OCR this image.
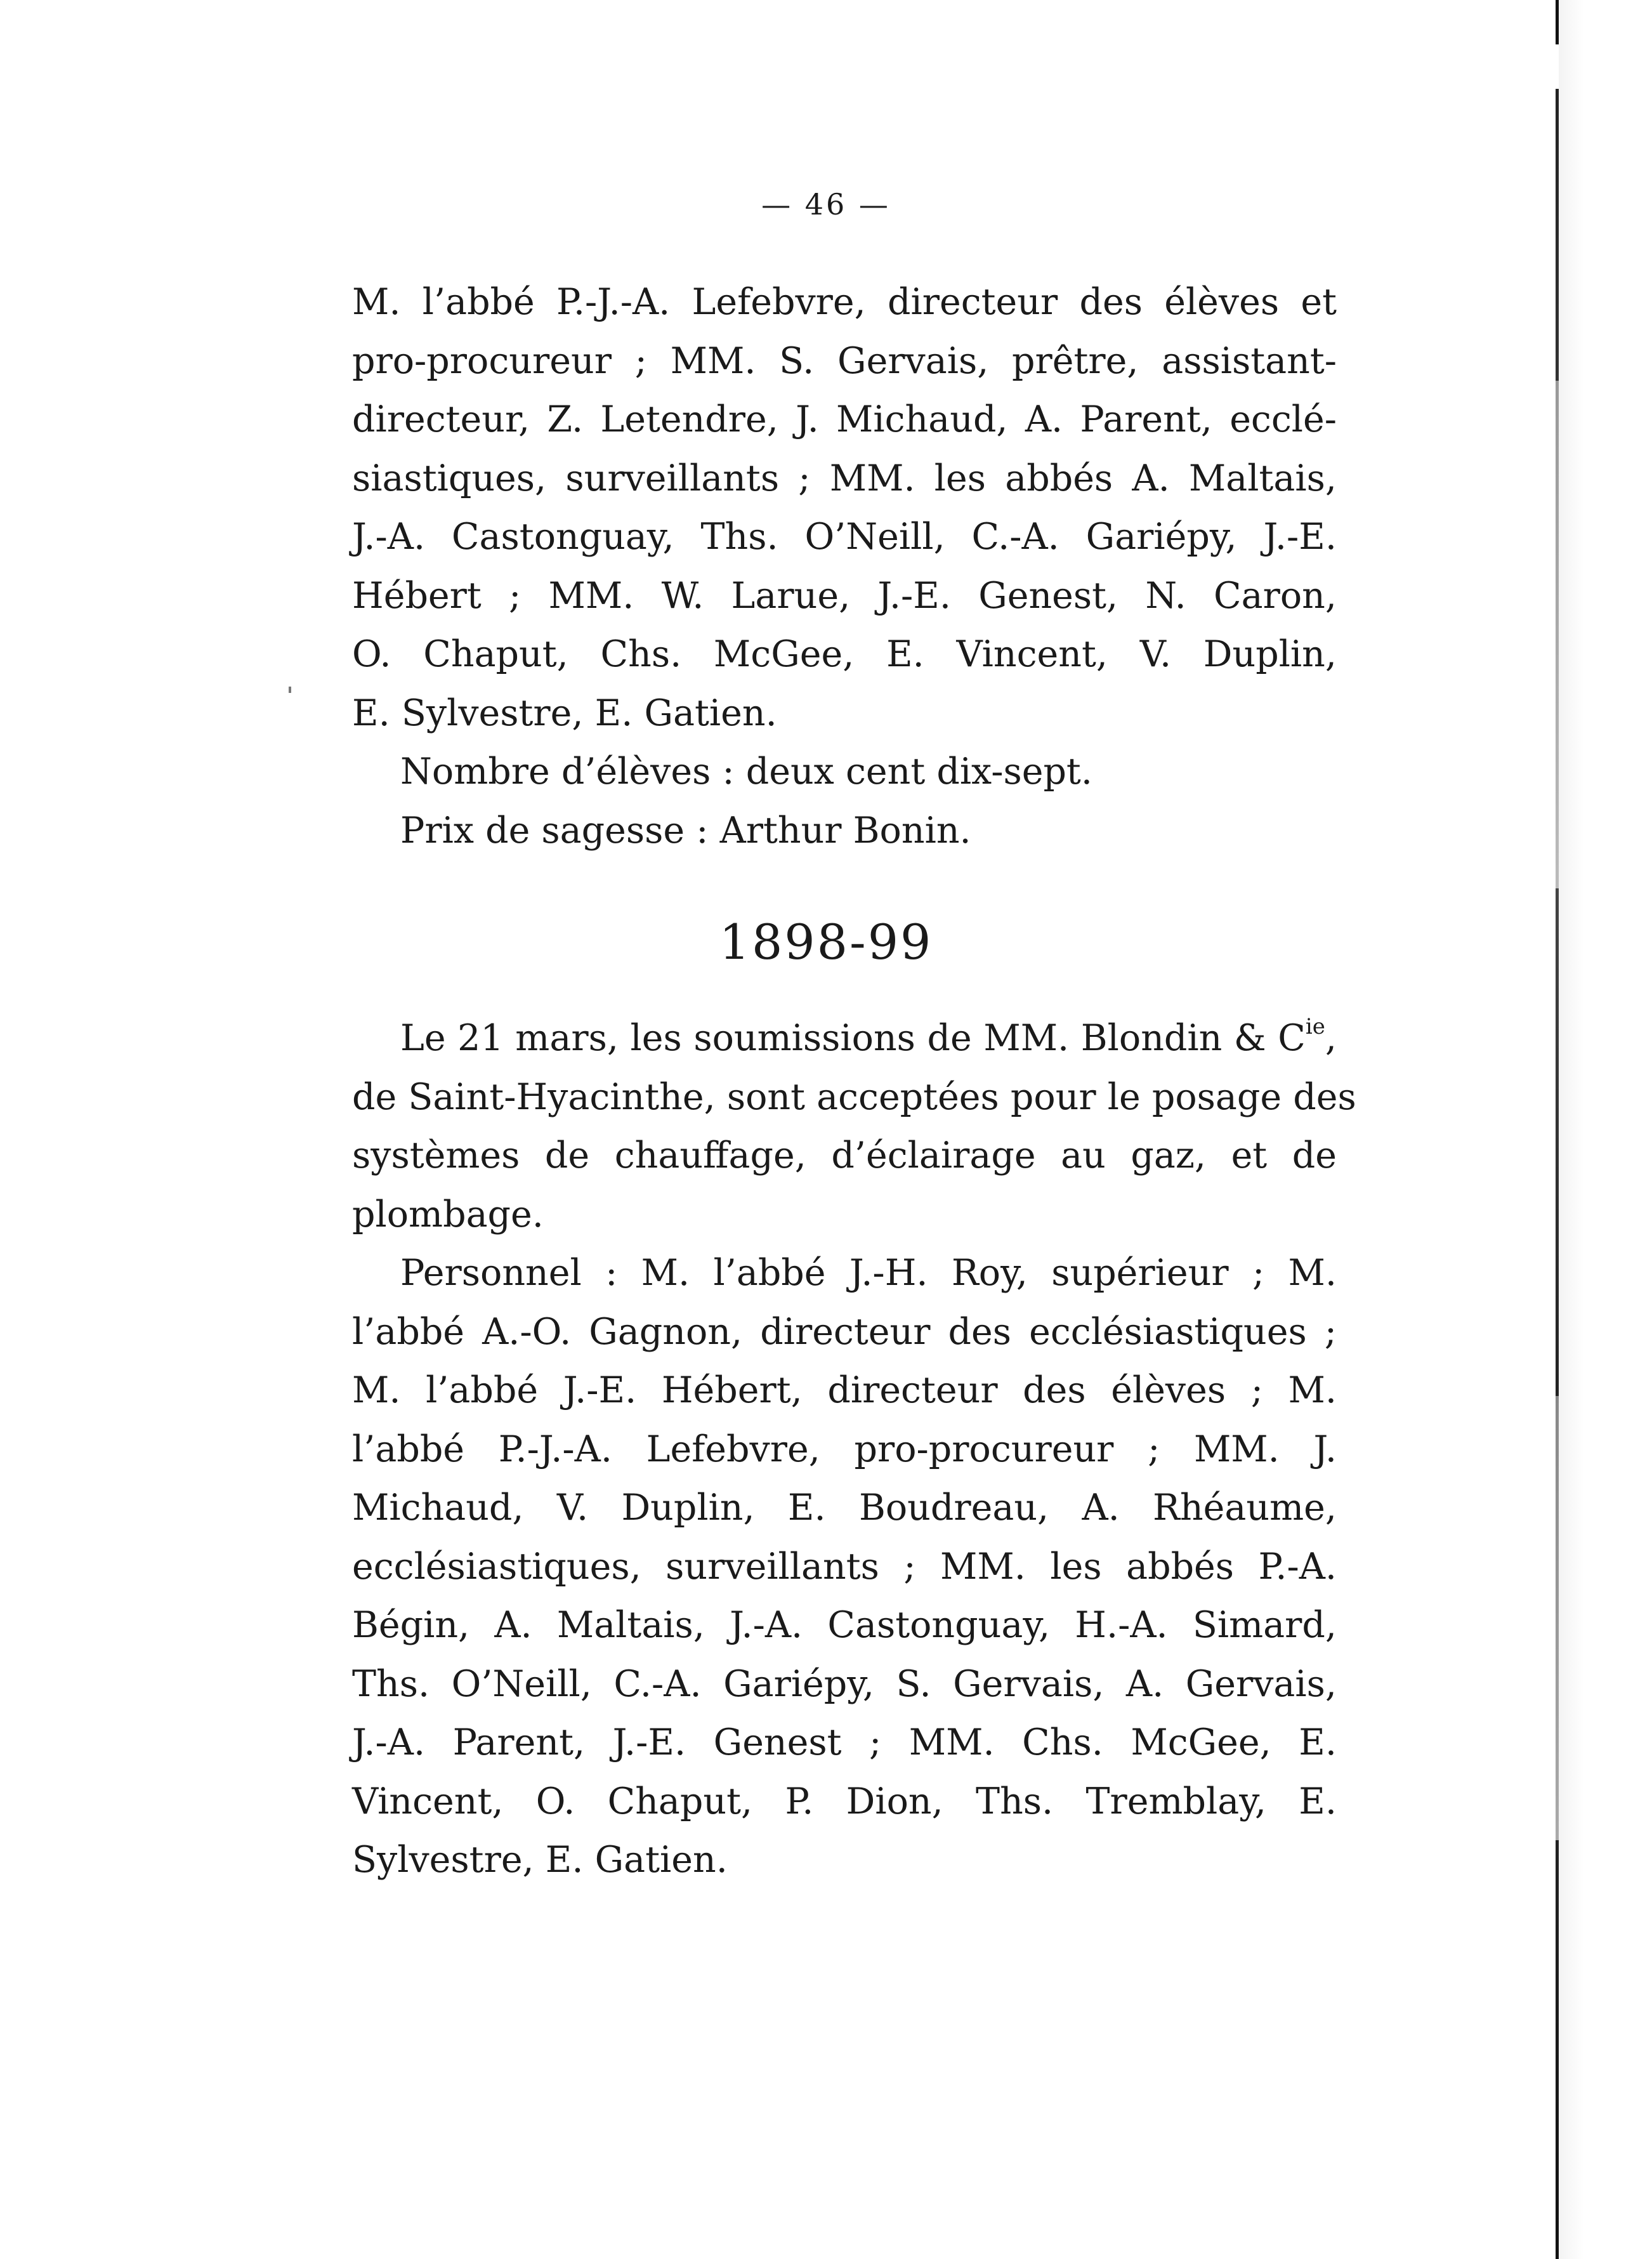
— 46 —
M. l’abbé P.-J.-A. Lefebvre, directeur des élèves et
pro-procureur ; MM. S. Gervais, prêtre, assistant-
directeur, Z. Letendre, J. Michaud, A. Parent, ecclé-
siastiques, surveillants ; MM. les abbés A. Maltais,
J.-A. Castonguay, Ths. O’Neill, C.-A. Gariépy, J.-E.
Hébert ; MM. W. Larue, J.-E. Genest, N. Caron,
O. Chaput, Chs. McGee, E. Vincent, V. Duplin,
E. Sylvestre, E. Gatien.
Nombre d’élèves : deux cent dix-sept.
Prix de sagesse : Arthur Bonin.
1898-99
Le 21 mars, les soumissions de MM. Blondin & $C^{ie}$,
de Saint-Hyacinthe, sont acceptées pour le posage des
systèmes de chauffage, d’éclairage au gaz, et de
plombage.
Personnel : M. l’abbé J.-H. Roy, supérieur ; M.
l’abbé A.-O. Gagnon, directeur des ecclésiastiques ;
M. l’abbé J.-E. Hébert, directeur des élèves ; M.
l’abbé P.-J.-A. Lefebvre, pro-procureur ; MM. J.
Michaud, V. Duplin, E. Boudreau, A. Rhéaume,
ecclésiastiques, surveillants ; MM. les abbés P.-A.
Bégin, A. Maltais, J.-A. Castonguay, H.-A. Simard,
Ths. O’Neill, C.-A. Gariépy, S. Gervais, A. Gervais,
J.-A. Parent, J.-E. Genest ; MM. Chs. McGee, E.
Vincent, O. Chaput, P. Dion, Ths. Tremblay, E.
Sylvestre, E. Gatien.
